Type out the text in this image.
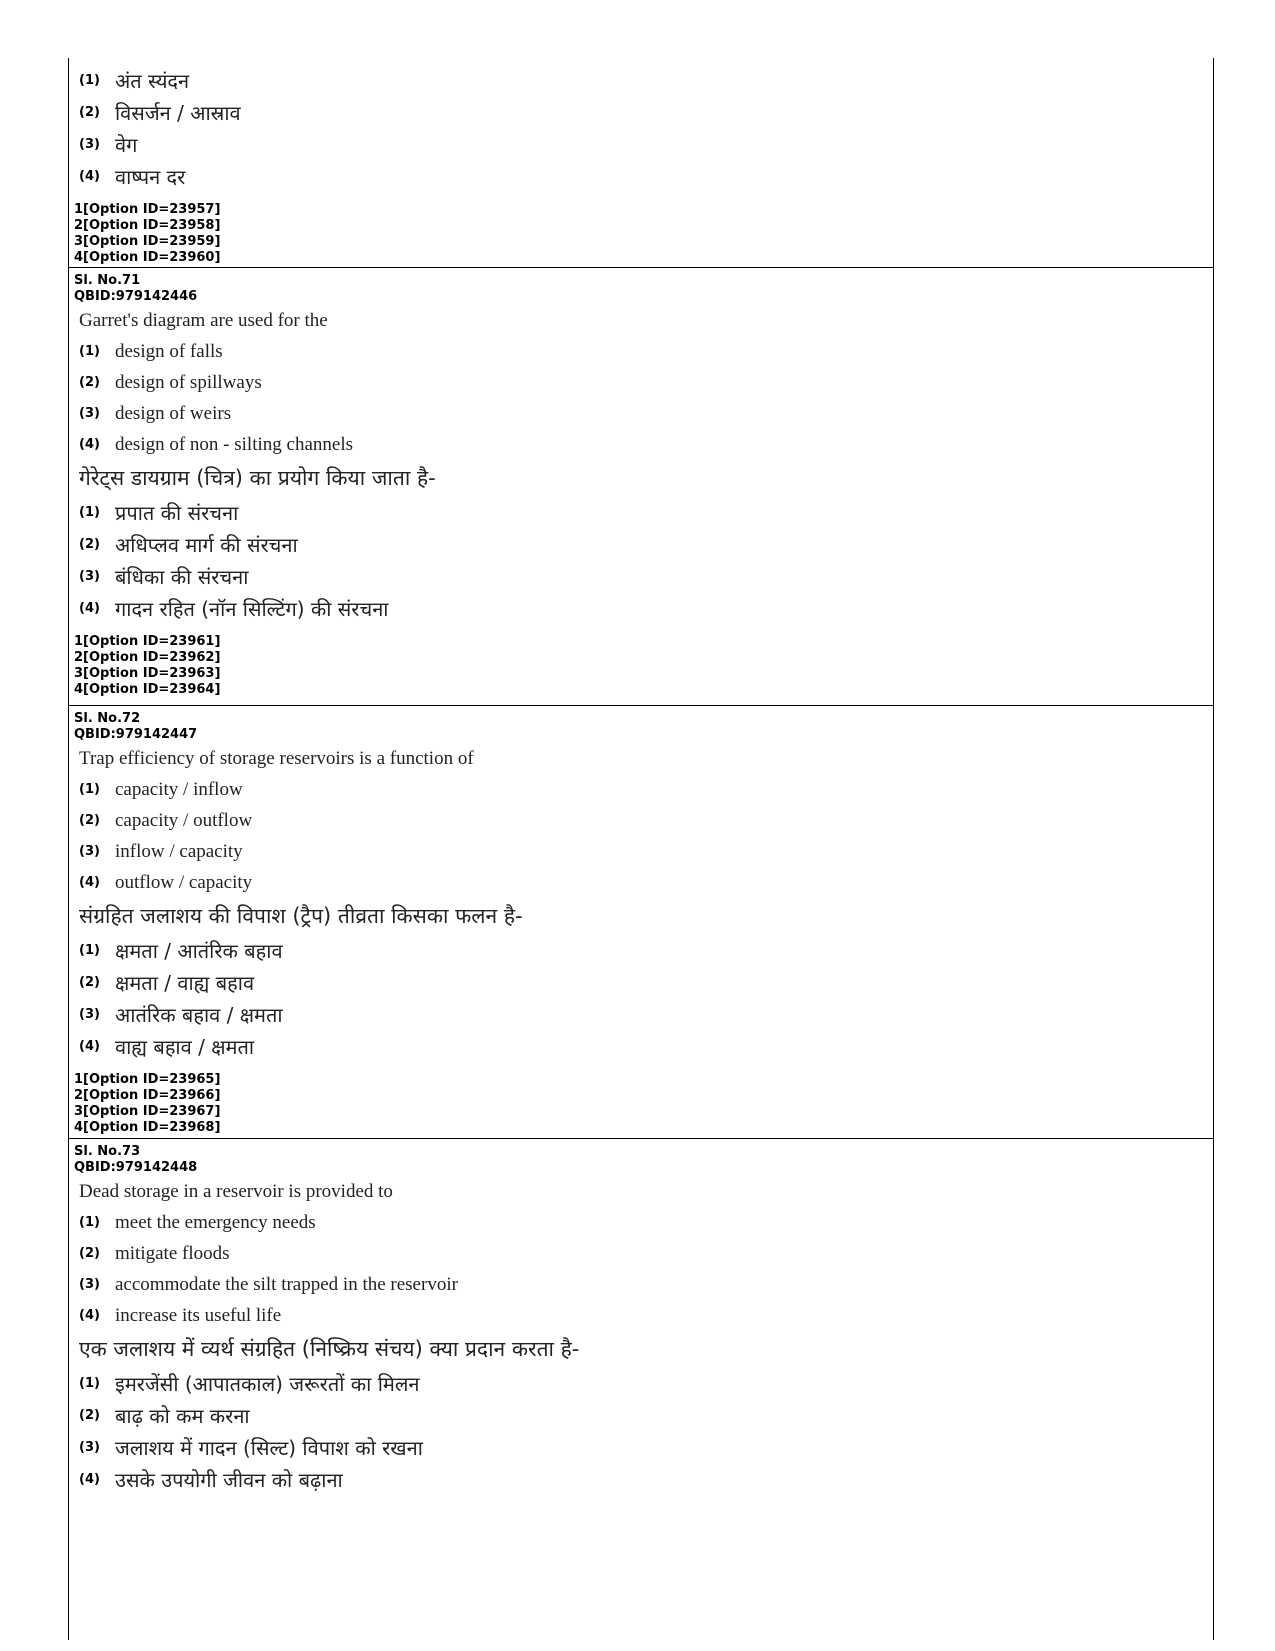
(1) अंत स्यंदन
(2) विसर्जन / आस्राव
(3) वेग
(4) वाष्पन दर
1[Option ID=23957]
2[Option ID=23958]
3[Option ID=23959]
4[Option ID=23960]
Sl. No.71
QBID:979142446
Garret's diagram are used for the
(1) design of falls
(2) design of spillways
(3) design of weirs
(4) design of non - silting channels
गेरेट्स डायग्राम (चित्र) का प्रयोग किया जाता है-
(1) प्रपात की संरचना
(2) अधिप्लव मार्ग की संरचना
(3) बंधिका की संरचना
(4) गादन रहित (नॉन सिल्टिंग) की संरचना
1[Option ID=23961]
2[Option ID=23962]
3[Option ID=23963]
4[Option ID=23964]
Sl. No.72
QBID:979142447
Trap efficiency of storage reservoirs is a function of
(1) capacity / inflow
(2) capacity / outflow
(3) inflow / capacity
(4) outflow / capacity
संग्रहित जलाशय की विपाश (ट्रैप) तीव्रता किसका फलन है-
(1) क्षमता / आतंरिक बहाव
(2) क्षमता / वाह्य बहाव
(3) आतंरिक बहाव / क्षमता
(4) वाह्य बहाव / क्षमता
1[Option ID=23965]
2[Option ID=23966]
3[Option ID=23967]
4[Option ID=23968]
Sl. No.73
QBID:979142448
Dead storage in a reservoir is provided to
(1) meet the emergency needs
(2) mitigate floods
(3) accommodate the silt trapped in the reservoir
(4) increase its useful life
एक जलाशय में व्यर्थ संग्रहित (निष्क्रिय संचय) क्या प्रदान करता है-
(1) इमरजेंसी (आपातकाल) जरूरतों का मिलन
(2) बाढ़ को कम करना
(3) जलाशय में गादन (सिल्ट) विपाश को रखना
(4) उसके उपयोगी जीवन को बढ़ाना
